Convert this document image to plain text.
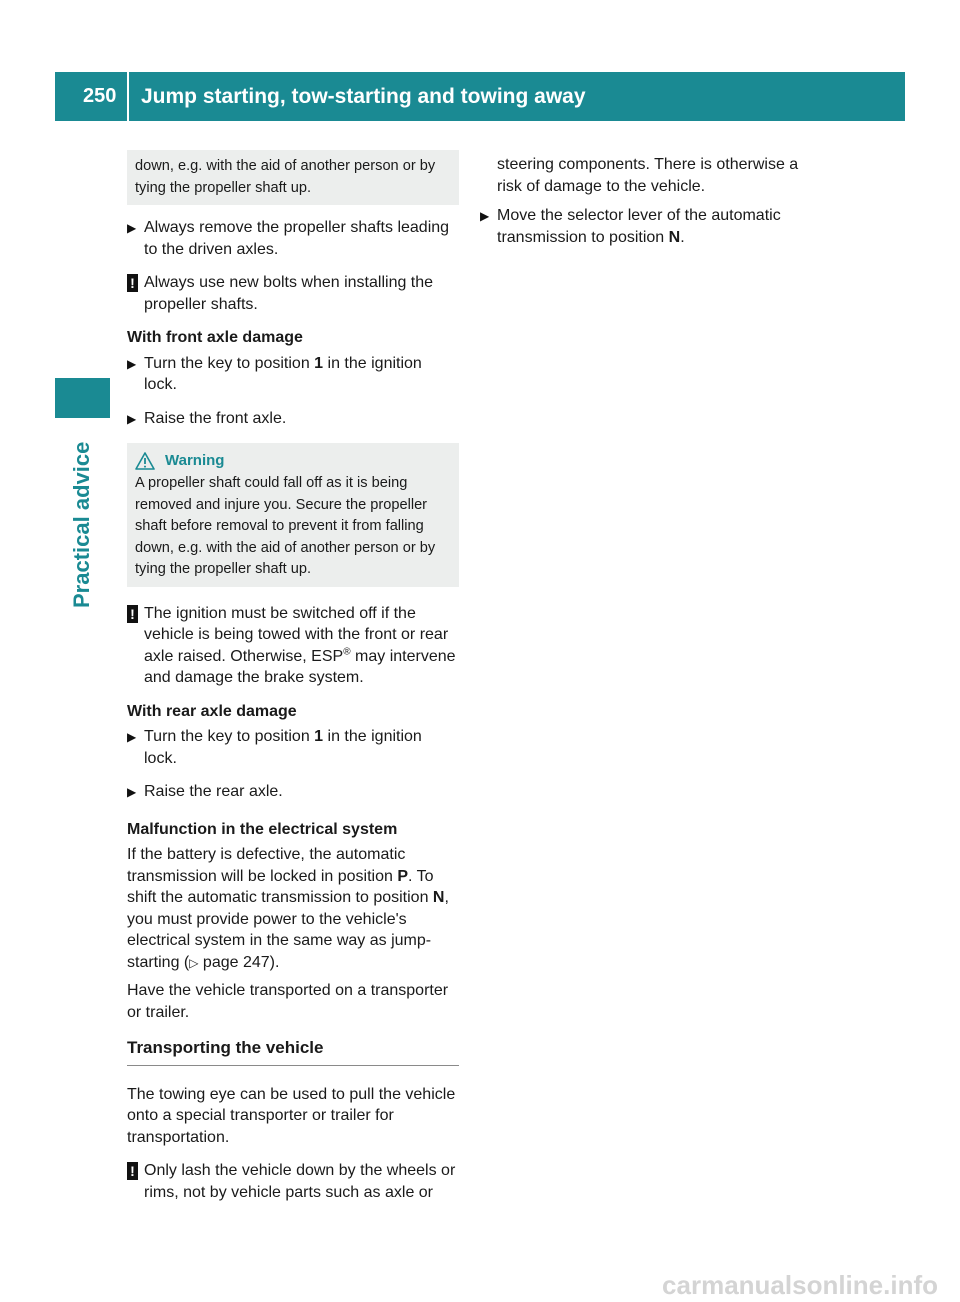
250	Jump starting, tow-starting and towing away
Practical advice
down, e.g. with the aid of another person or by tying the propeller shaft up.
▶ Always remove the propeller shafts leading to the driven axles.
! Always use new bolts when installing the propeller shafts.
With front axle damage
▶ Turn the key to position 1 in the ignition lock.
▶ Raise the front axle.
Warning
A propeller shaft could fall off as it is being removed and injure you. Secure the propeller shaft before removal to prevent it from falling down, e.g. with the aid of another person or by tying the propeller shaft up.
! The ignition must be switched off if the vehicle is being towed with the front or rear axle raised. Otherwise, ESP® may intervene and damage the brake system.
With rear axle damage
▶ Turn the key to position 1 in the ignition lock.
▶ Raise the rear axle.
Malfunction in the electrical system
If the battery is defective, the automatic transmission will be locked in position P. To shift the automatic transmission to position N, you must provide power to the vehicle's electrical system in the same way as jump-starting (▷ page 247).
Have the vehicle transported on a transporter or trailer.
Transporting the vehicle
The towing eye can be used to pull the vehicle onto a special transporter or trailer for transportation.
! Only lash the vehicle down by the wheels or rims, not by vehicle parts such as axle or
steering components. There is otherwise a risk of damage to the vehicle.
▶ Move the selector lever of the automatic transmission to position N.
carmanualsonline.info
